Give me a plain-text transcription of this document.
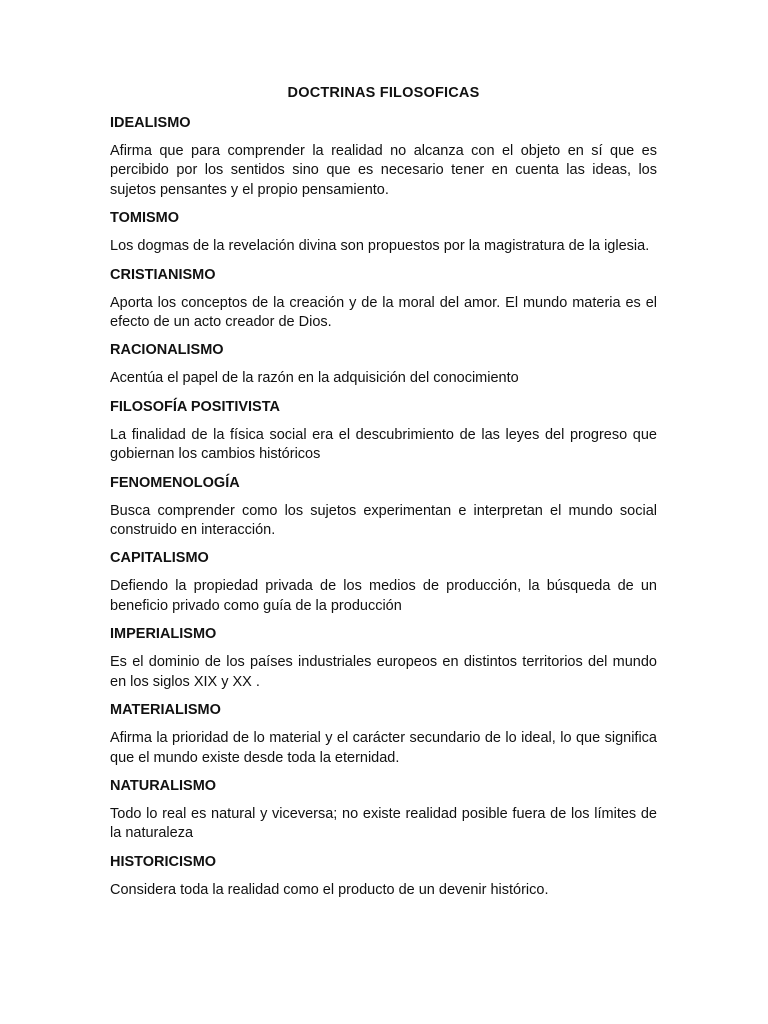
DOCTRINAS FILOSOFICAS
IDEALISMO

Afirma que para comprender la realidad no alcanza con el objeto en sí que es percibido por los sentidos sino que es necesario tener en cuenta las ideas, los sujetos pensantes y el propio pensamiento.

TOMISMO

Los dogmas de la revelación divina son propuestos por la magistratura de la iglesia.

CRISTIANISMO

Aporta los conceptos de la creación y de la moral del amor. El mundo materia es el efecto de un acto creador de Dios.

RACIONALISMO

Acentúa el papel de la razón en la adquisición del conocimiento

FILOSOFÍA POSITIVISTA

La finalidad de la física social era el descubrimiento de las leyes del progreso que gobiernan los cambios históricos

FENOMENOLOGÍA

Busca comprender como los sujetos experimentan e interpretan el mundo social construido en interacción.

CAPITALISMO

Defiendo la propiedad privada de los medios de producción, la búsqueda de un beneficio privado como guía de la producción

IMPERIALISMO

Es el dominio de los países industriales europeos en distintos territorios del mundo en los siglos XIX y XX .

MATERIALISMO

Afirma la prioridad de lo material y el carácter secundario de lo ideal, lo que significa que el mundo existe desde toda la eternidad.

NATURALISMO

Todo lo real es natural y viceversa; no existe realidad posible fuera de los límites de la naturaleza

HISTORICISMO

Considera toda la realidad como el producto de un devenir histórico.
